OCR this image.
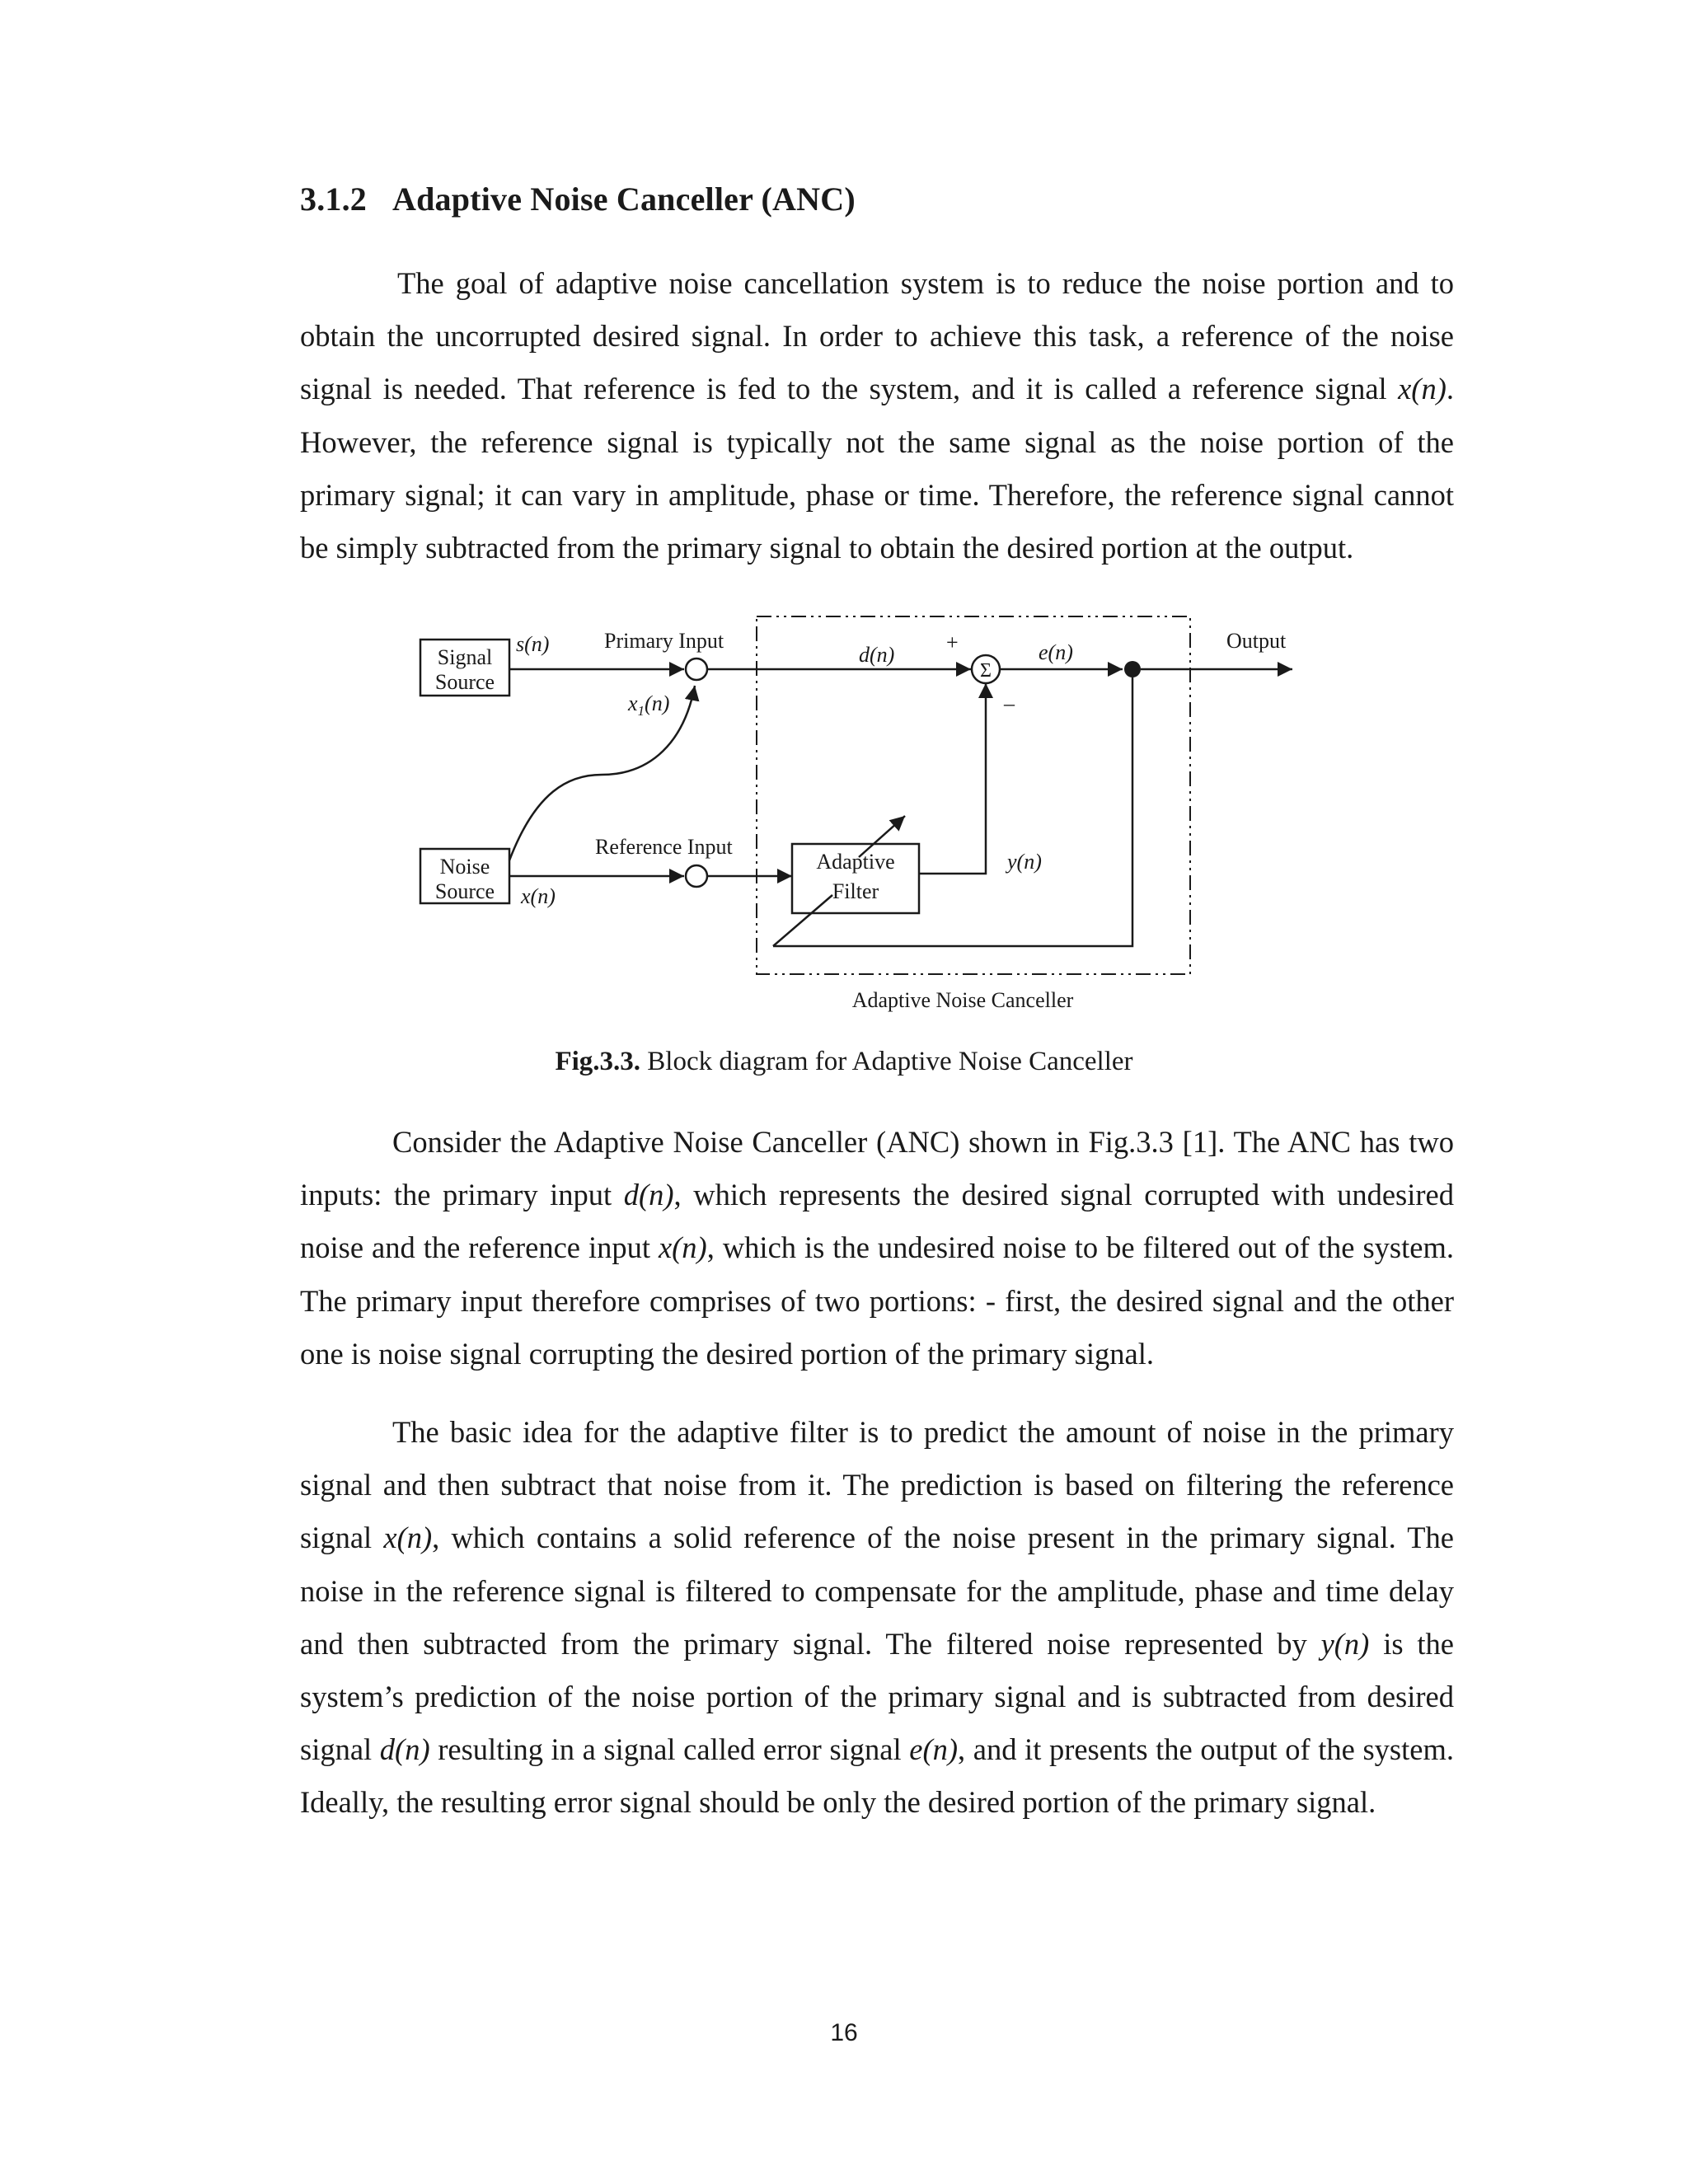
3.1.2 Adaptive Noise Canceller (ANC)

The goal of adaptive noise cancellation system is to reduce the noise portion and to obtain the uncorrupted desired signal. In order to achieve this task, a reference of the noise signal is needed. That reference is fed to the system, and it is called a reference signal x(n). However, the reference signal is typically not the same signal as the noise portion of the primary signal; it can vary in amplitude, phase or time. Therefore, the reference signal cannot be simply subtracted from the primary signal to obtain the desired portion at the output.

Signal
Source
Noise
Source
Adaptive
Filter
Σ
s(n)	Primary Input
$x_1(n)$
d(n)
+	e(n)	Output
–
Reference Input
x(n)
y(n)
Adaptive Noise Canceller
Fig.3.3. Block diagram for Adaptive Noise Canceller

Consider the Adaptive Noise Canceller (ANC) shown in Fig.3.3 [1]. The ANC has two inputs: the primary input d(n), which represents the desired signal corrupted with undesired noise and the reference input x(n), which is the undesired noise to be filtered out of the system. The primary input therefore comprises of two portions: - first, the desired signal and the other one is noise signal corrupting the desired portion of the primary signal.

The basic idea for the adaptive filter is to predict the amount of noise in the primary signal and then subtract that noise from it. The prediction is based on filtering the reference signal x(n), which contains a solid reference of the noise present in the primary signal. The noise in the reference signal is filtered to compensate for the amplitude, phase and time delay and then subtracted from the primary signal. The filtered noise represented by y(n) is the system’s prediction of the noise portion of the primary signal and is subtracted from desired signal d(n) resulting in a signal called error signal e(n), and it presents the output of the system. Ideally, the resulting error signal should be only the desired portion of the primary signal.

16
